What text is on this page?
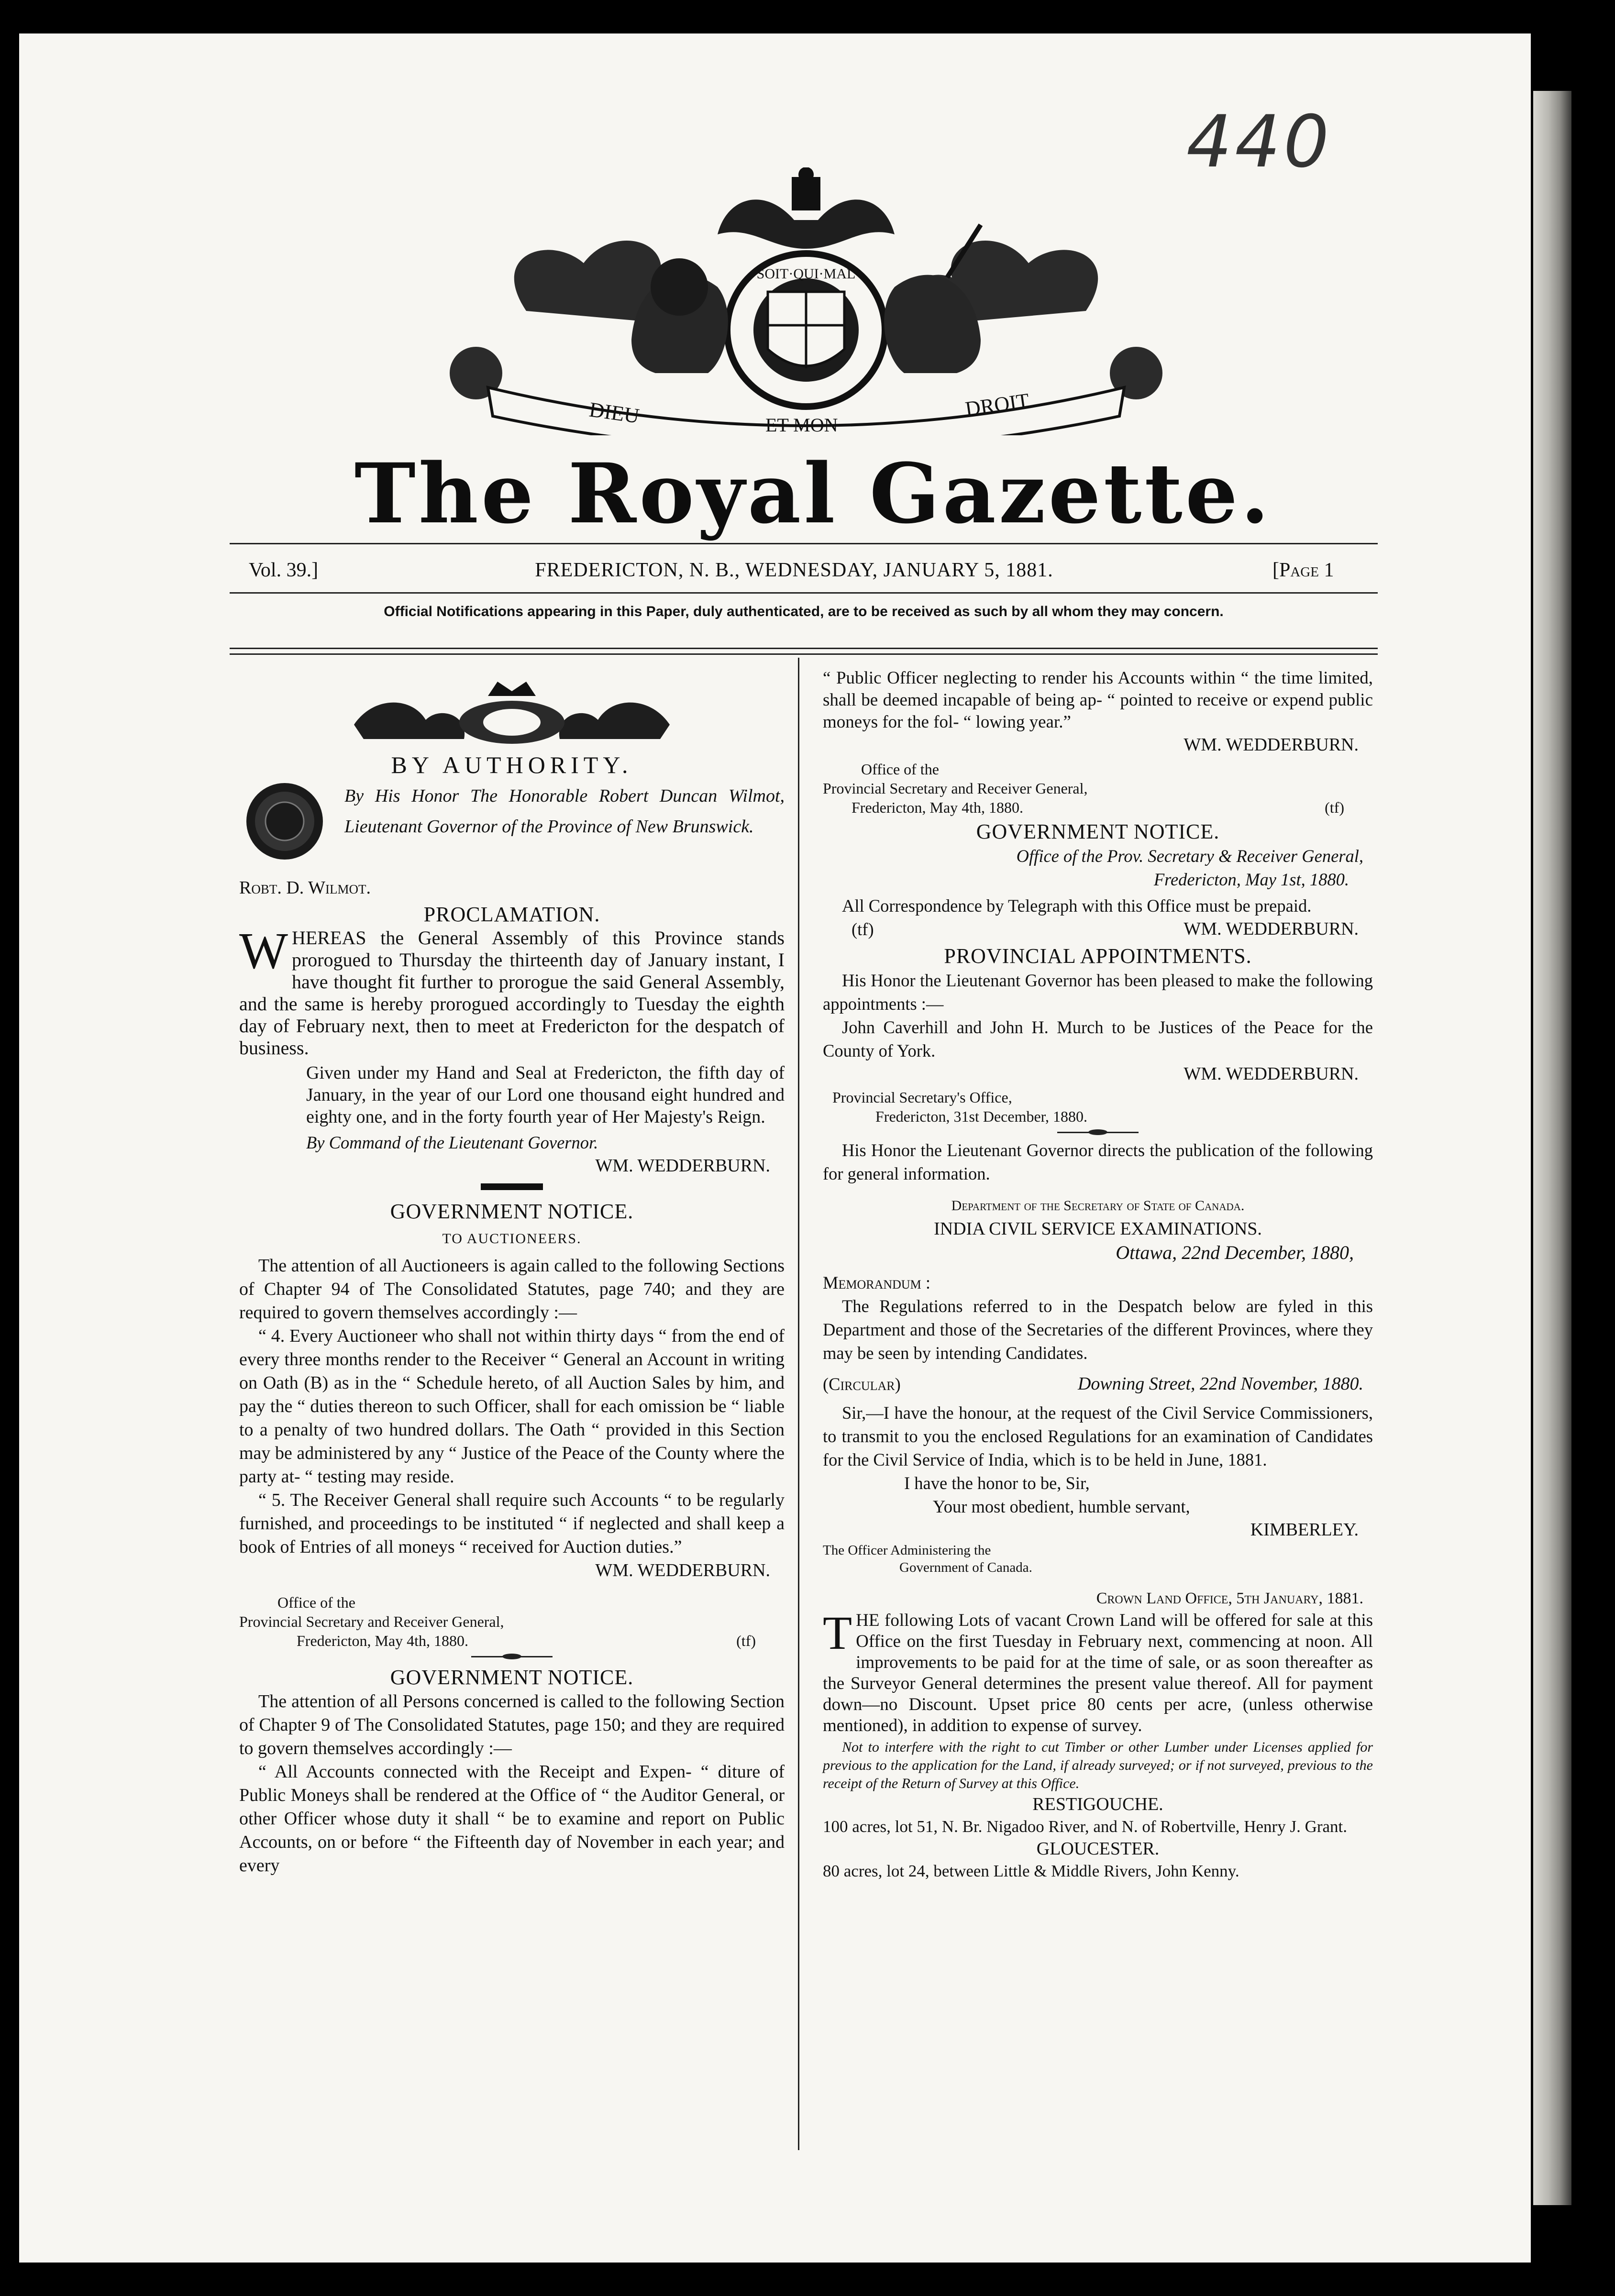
440
SOIT·QUI·MAL
DIEU	ET MON
DROIT
The Royal Gazette.
Vol. 39.]	FREDERICTON, N. B., WEDNESDAY, JANUARY 5, 1881.	[Page 1
Official Notifications appearing in this Paper, duly authenticated, are to be received as such by all whom they may concern.
BY AUTHORITY.

By His Honor The Honorable Robert Duncan Wilmot, Lieutenant Governor of the Province of New Brunswick.

Robt. D. Wilmot.

PROCLAMATION.

WHEREAS the General Assembly of this Province stands prorogued to Thursday the thirteenth day of January instant, I have thought fit further to prorogue the said General Assembly, and the same is hereby prorogued accordingly to Tuesday the eighth day of February next, then to meet at Fredericton for the despatch of business.

Given under my Hand and Seal at Fredericton, the fifth day of January, in the year of our Lord one thousand eight hundred and eighty one, and in the forty fourth year of Her Majesty's Reign.

By Command of the Lieutenant Governor.

WM. WEDDERBURN.

GOVERNMENT NOTICE.
TO AUCTIONEERS.

The attention of all Auctioneers is again called to the following Sections of Chapter 94 of The Consolidated Statutes, page 740; and they are required to govern themselves accordingly :—

“ 4. Every Auctioneer who shall not within thirty days “ from the end of every three months render to the Receiver “ General an Account in writing on Oath (B) as in the “ Schedule hereto, of all Auction Sales by him, and pay the “ duties thereon to such Officer, shall for each omission be “ liable to a penalty of two hundred dollars. The Oath “ provided in this Section may be administered by any “ Justice of the Peace of the County where the party at- “ testing may reside.

“ 5. The Receiver General shall require such Accounts “ to be regularly furnished, and proceedings to be instituted “ if neglected and shall keep a book of Entries of all moneys “ received for Auction duties.”

WM. WEDDERBURN.

Office of the
Provincial Secretary and Receiver General,
Fredericton, May 4th, 1880.	(tf)
GOVERNMENT NOTICE.

The attention of all Persons concerned is called to the following Section of Chapter 9 of The Consolidated Statutes, page 150; and they are required to govern themselves accordingly :—

“ All Accounts connected with the Receipt and Expen- “ diture of Public Moneys shall be rendered at the Office of “ the Auditor General, or other Officer whose duty it shall “ be to examine and report on Public Accounts, on or before “ the Fifteenth day of November in each year; and every

“ Public Officer neglecting to render his Accounts within “ the time limited, shall be deemed incapable of being ap- “ pointed to receive or expend public moneys for the fol- “ lowing year.”

WM. WEDDERBURN.

Office of the
Provincial Secretary and Receiver General,
Fredericton, May 4th, 1880.	(tf)
GOVERNMENT NOTICE.

Office of the Prov. Secretary & Receiver General,

Fredericton, May 1st, 1880.

All Correspondence by Telegraph with this Office must be prepaid.

(tf)	WM. WEDDERBURN.
PROVINCIAL APPOINTMENTS.

His Honor the Lieutenant Governor has been pleased to make the following appointments :—

John Caverhill and John H. Murch to be Justices of the Peace for the County of York.

WM. WEDDERBURN.

Provincial Secretary's Office,
Fredericton, 31st December, 1880.

His Honor the Lieutenant Governor directs the publication of the following for general information.

Department of the Secretary of State of Canada.

INDIA CIVIL SERVICE EXAMINATIONS.

Ottawa, 22nd December, 1880,

Memorandum :

The Regulations referred to in the Despatch below are fyled in this Department and those of the Secretaries of the different Provinces, where they may be seen by intending Candidates.

(Circular)	Downing Street, 22nd November, 1880.

Sir,—I have the honour, at the request of the Civil Service Commissioners, to transmit to you the enclosed Regulations for an examination of Candidates for the Civil Service of India, which is to be held in June, 1881.

I have the honor to be, Sir,

Your most obedient, humble servant,

KIMBERLEY.

The Officer Administering the
Government of Canada.

Crown Land Office, 5th January, 1881.

THE following Lots of vacant Crown Land will be offered for sale at this Office on the first Tuesday in February next, commencing at noon. All improvements to be paid for at the time of sale, or as soon thereafter as the Surveyor General determines the present value thereof. All for payment down—no Discount. Upset price 80 cents per acre, (unless otherwise mentioned), in addition to expense of survey.

Not to interfere with the right to cut Timber or other Lumber under Licenses applied for previous to the application for the Land, if already surveyed; or if not surveyed, previous to the receipt of the Return of Survey at this Office.

RESTIGOUCHE.

100 acres, lot 51, N. Br. Nigadoo River, and N. of Robertville, Henry J. Grant.

GLOUCESTER.

80 acres, lot 24, between Little & Middle Rivers, John Kenny.
